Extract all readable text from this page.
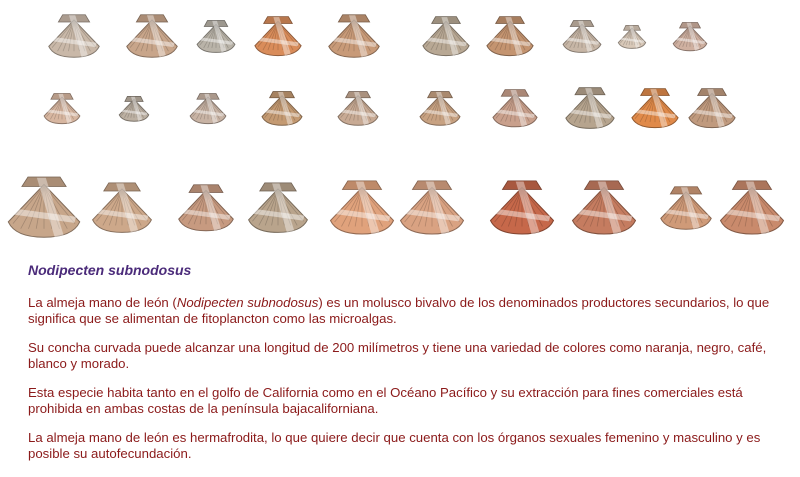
Nodipecten subnodosus

La almeja mano de león (Nodipecten subnodosus) es un molusco bivalvo de los denominados productores secundarios, lo que significa que se alimentan de fitoplancton como las microalgas.

Su concha curvada puede alcanzar una longitud de 200 milímetros y tiene una variedad de colores como naranja, negro, café, blanco y morado.

Esta especie habita tanto en el golfo de California como en el Océano Pacífico y su extracción para fines comerciales está prohibida en ambas costas de la península bajacaliforniana.

La almeja mano de león es hermafrodita, lo que quiere decir que cuenta con los órganos sexuales femenino y masculino y es posible su autofecundación.
